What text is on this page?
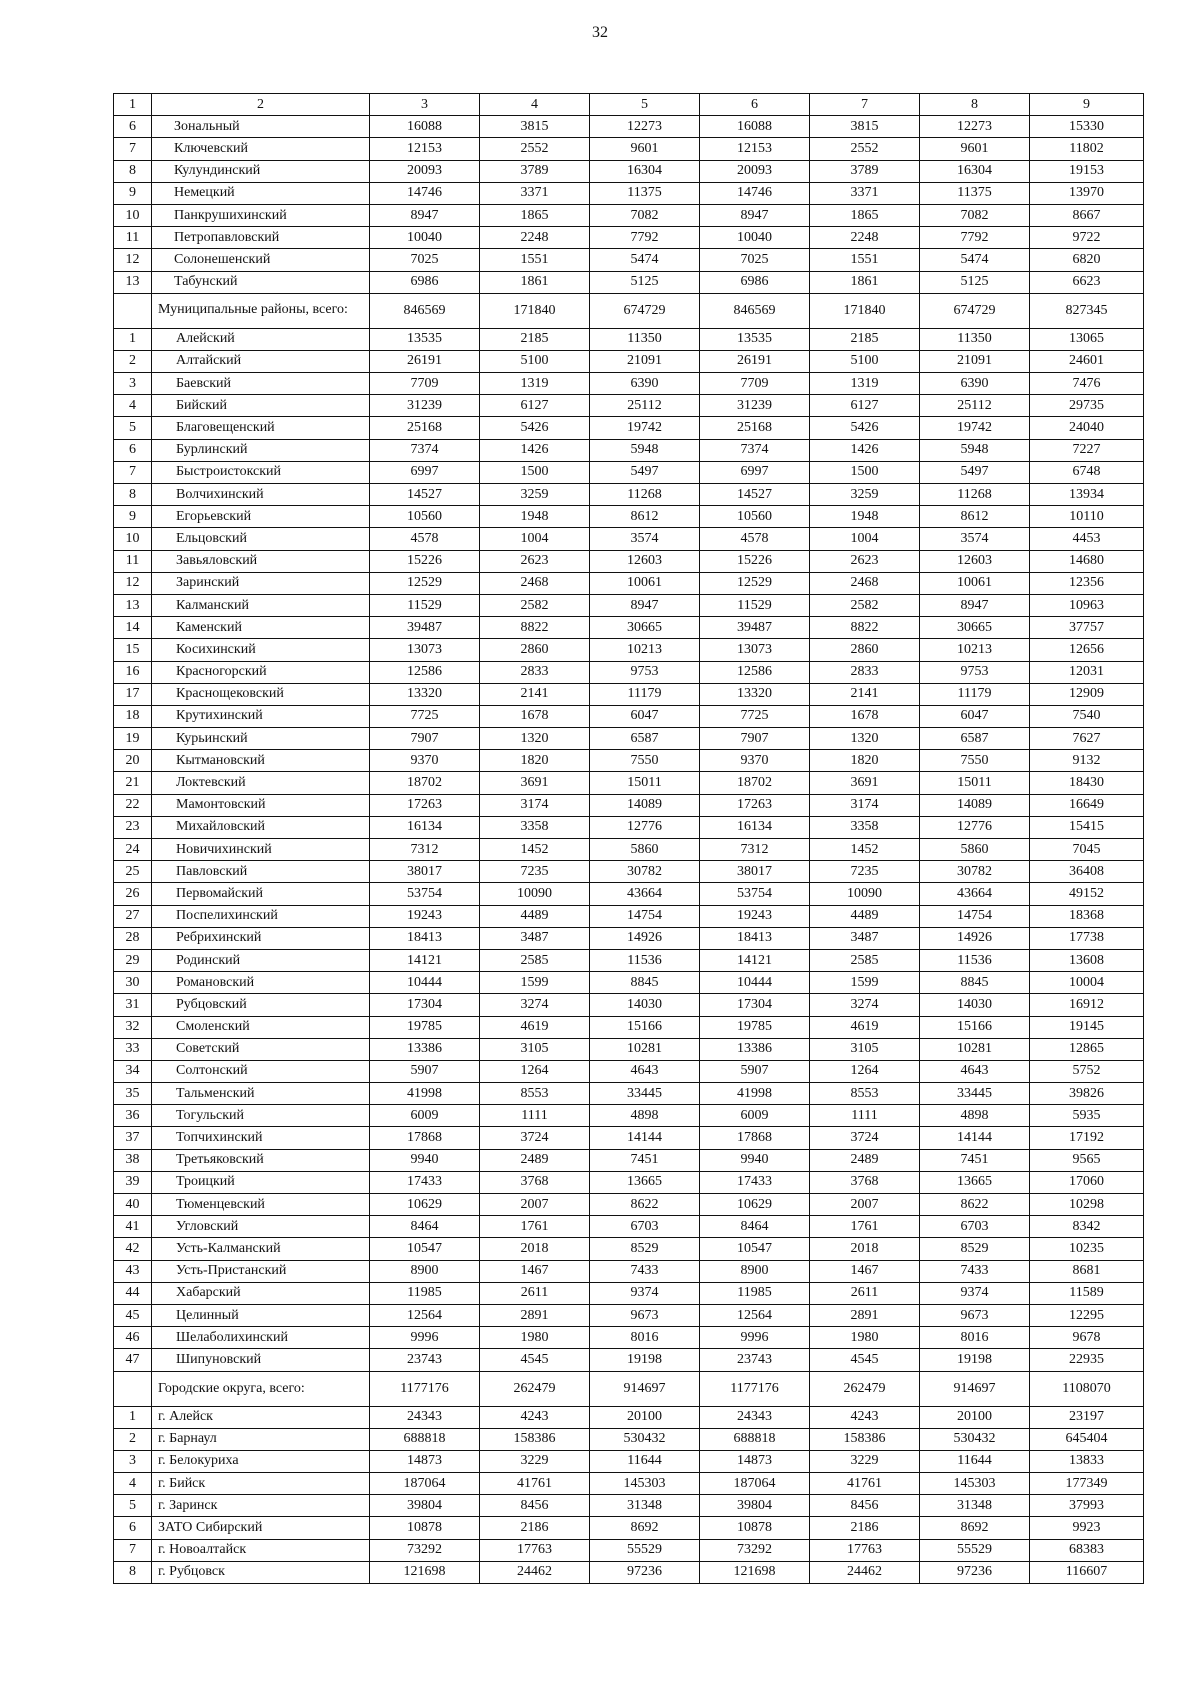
32
1	2	3	4	5	6	7	8	9
6	Зональный	16088	3815	12273	16088	3815	12273	15330
7	Ключевский	12153	2552	9601	12153	2552	9601	11802
8	Кулундинский	20093	3789	16304	20093	3789	16304	19153
9	Немецкий	14746	3371	11375	14746	3371	11375	13970
10	Панкрушихинский	8947	1865	7082	8947	1865	7082	8667
11	Петропавловский	10040	2248	7792	10040	2248	7792	9722
12	Солонешенский	7025	1551	5474	7025	1551	5474	6820
13	Табунский	6986	1861	5125	6986	1861	5125	6623
	Муниципальные районы, всего:	846569	171840	674729	846569	171840	674729	827345
1	Алейский	13535	2185	11350	13535	2185	11350	13065
2	Алтайский	26191	5100	21091	26191	5100	21091	24601
3	Баевский	7709	1319	6390	7709	1319	6390	7476
4	Бийский	31239	6127	25112	31239	6127	25112	29735
5	Благовещенский	25168	5426	19742	25168	5426	19742	24040
6	Бурлинский	7374	1426	5948	7374	1426	5948	7227
7	Быстроистокский	6997	1500	5497	6997	1500	5497	6748
8	Волчихинский	14527	3259	11268	14527	3259	11268	13934
9	Егорьевский	10560	1948	8612	10560	1948	8612	10110
10	Ельцовский	4578	1004	3574	4578	1004	3574	4453
11	Завьяловский	15226	2623	12603	15226	2623	12603	14680
12	Заринский	12529	2468	10061	12529	2468	10061	12356
13	Калманский	11529	2582	8947	11529	2582	8947	10963
14	Каменский	39487	8822	30665	39487	8822	30665	37757
15	Косихинский	13073	2860	10213	13073	2860	10213	12656
16	Красногорский	12586	2833	9753	12586	2833	9753	12031
17	Краснощековский	13320	2141	11179	13320	2141	11179	12909
18	Крутихинский	7725	1678	6047	7725	1678	6047	7540
19	Курьинский	7907	1320	6587	7907	1320	6587	7627
20	Кытмановский	9370	1820	7550	9370	1820	7550	9132
21	Локтевский	18702	3691	15011	18702	3691	15011	18430
22	Мамонтовский	17263	3174	14089	17263	3174	14089	16649
23	Михайловский	16134	3358	12776	16134	3358	12776	15415
24	Новичихинский	7312	1452	5860	7312	1452	5860	7045
25	Павловский	38017	7235	30782	38017	7235	30782	36408
26	Первомайский	53754	10090	43664	53754	10090	43664	49152
27	Поспелихинский	19243	4489	14754	19243	4489	14754	18368
28	Ребрихинский	18413	3487	14926	18413	3487	14926	17738
29	Родинский	14121	2585	11536	14121	2585	11536	13608
30	Романовский	10444	1599	8845	10444	1599	8845	10004
31	Рубцовский	17304	3274	14030	17304	3274	14030	16912
32	Смоленский	19785	4619	15166	19785	4619	15166	19145
33	Советский	13386	3105	10281	13386	3105	10281	12865
34	Солтонский	5907	1264	4643	5907	1264	4643	5752
35	Тальменский	41998	8553	33445	41998	8553	33445	39826
36	Тогульский	6009	1111	4898	6009	1111	4898	5935
37	Топчихинский	17868	3724	14144	17868	3724	14144	17192
38	Третьяковский	9940	2489	7451	9940	2489	7451	9565
39	Троицкий	17433	3768	13665	17433	3768	13665	17060
40	Тюменцевский	10629	2007	8622	10629	2007	8622	10298
41	Угловский	8464	1761	6703	8464	1761	6703	8342
42	Усть-Калманский	10547	2018	8529	10547	2018	8529	10235
43	Усть-Пристанский	8900	1467	7433	8900	1467	7433	8681
44	Хабарский	11985	2611	9374	11985	2611	9374	11589
45	Целинный	12564	2891	9673	12564	2891	9673	12295
46	Шелаболихинский	9996	1980	8016	9996	1980	8016	9678
47	Шипуновский	23743	4545	19198	23743	4545	19198	22935
	Городские округа, всего:	1177176	262479	914697	1177176	262479	914697	1108070
1	г. Алейск	24343	4243	20100	24343	4243	20100	23197
2	г. Барнаул	688818	158386	530432	688818	158386	530432	645404
3	г. Белокуриха	14873	3229	11644	14873	3229	11644	13833
4	г. Бийск	187064	41761	145303	187064	41761	145303	177349
5	г. Заринск	39804	8456	31348	39804	8456	31348	37993
6	ЗАТО Сибирский	10878	2186	8692	10878	2186	8692	9923
7	г. Новоалтайск	73292	17763	55529	73292	17763	55529	68383
8	г. Рубцовск	121698	24462	97236	121698	24462	97236	116607
